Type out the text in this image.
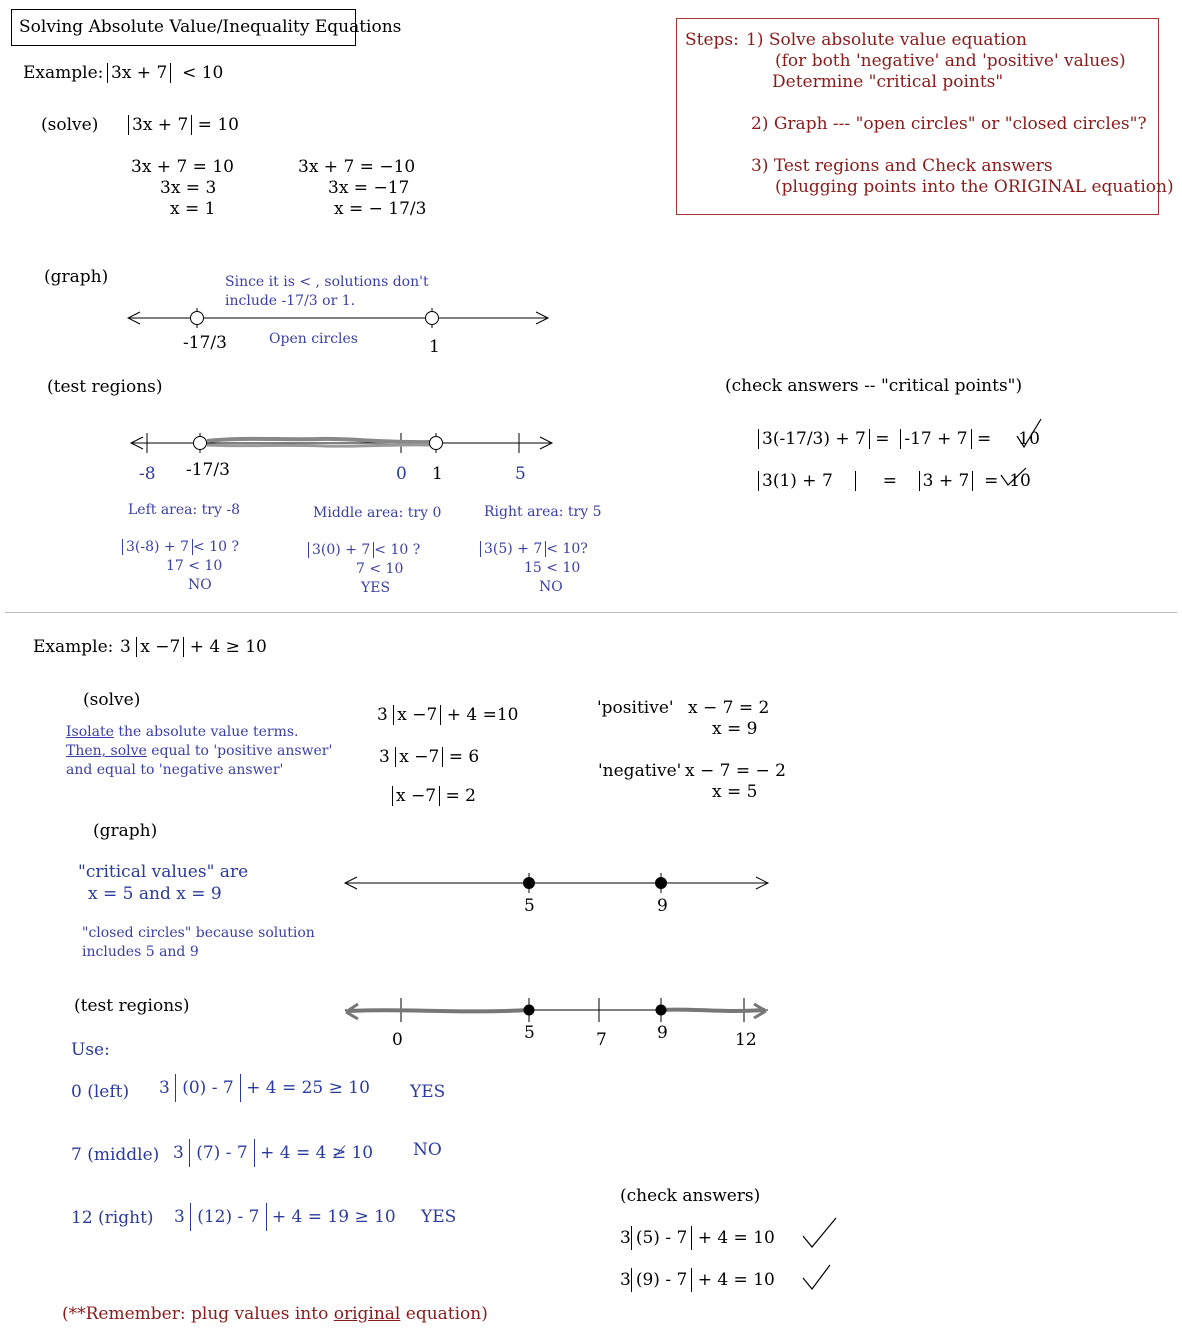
Solving Absolute Value/Inequality Equations
Steps: 1) Solve absolute value equation
(for both 'negative' and 'positive' values)
Determine "critical points"
2) Graph --- "open circles" or "closed circles"?
3) Test regions and Check answers
(plugging points into the ORIGINAL equation)
Example: 3x + 7 < 10
(solve) 3x + 7 = 10
3x + 7 = 10
3x = 3
x = 1
3x + 7 = −10
3x = −17
x = − 17/3
(graph)	Since it is < , solutions don't
include -17/3 or 1.
Open circles
-17/3	1
(test regions)
-8 -17/3	0 1	5
Left area: try -8
3(-8) + 7 < 10 ?
17 < 10
NO
Middle area: try 0
3(0) + 7 < 10 ?
7 < 10
YES
Right area: try 5
3(5) + 7 < 10?
15 < 10
NO
(check answers -- "critical points")
3(-17/3) + 7 = -17 + 7 = 10
3(1) + 7	= 3 + 7 = 10
Example: 3 x −7 + 4 ≥ 10
(solve)
Isolate the absolute value terms.
Then, solve equal to 'positive answer'
and equal to 'negative answer'
3 x −7 + 4 =10
3 x −7 = 6
x −7 = 2
'positive' x − 7 = 2
x = 9
'negative' x − 7 = − 2
x = 5
(graph)
"critical values" are
x = 5 and x = 9
"closed circles" because solution
includes 5 and 9
5	9
(test regions)
0	5	7	9	12
Use:
0 (left) 3 (0) - 7 + 4 = 25 ≥ 10 YES
7 (middle) 3 (7) - 7 + 4 = 4 ≱ 10 NO
12 (right) 3 (12) - 7 + 4 = 19 ≥ 10 YES
(check answers)
3 (5) - 7 + 4 = 10
3 (9) - 7 + 4 = 10
(**Remember: plug values into original equation)
